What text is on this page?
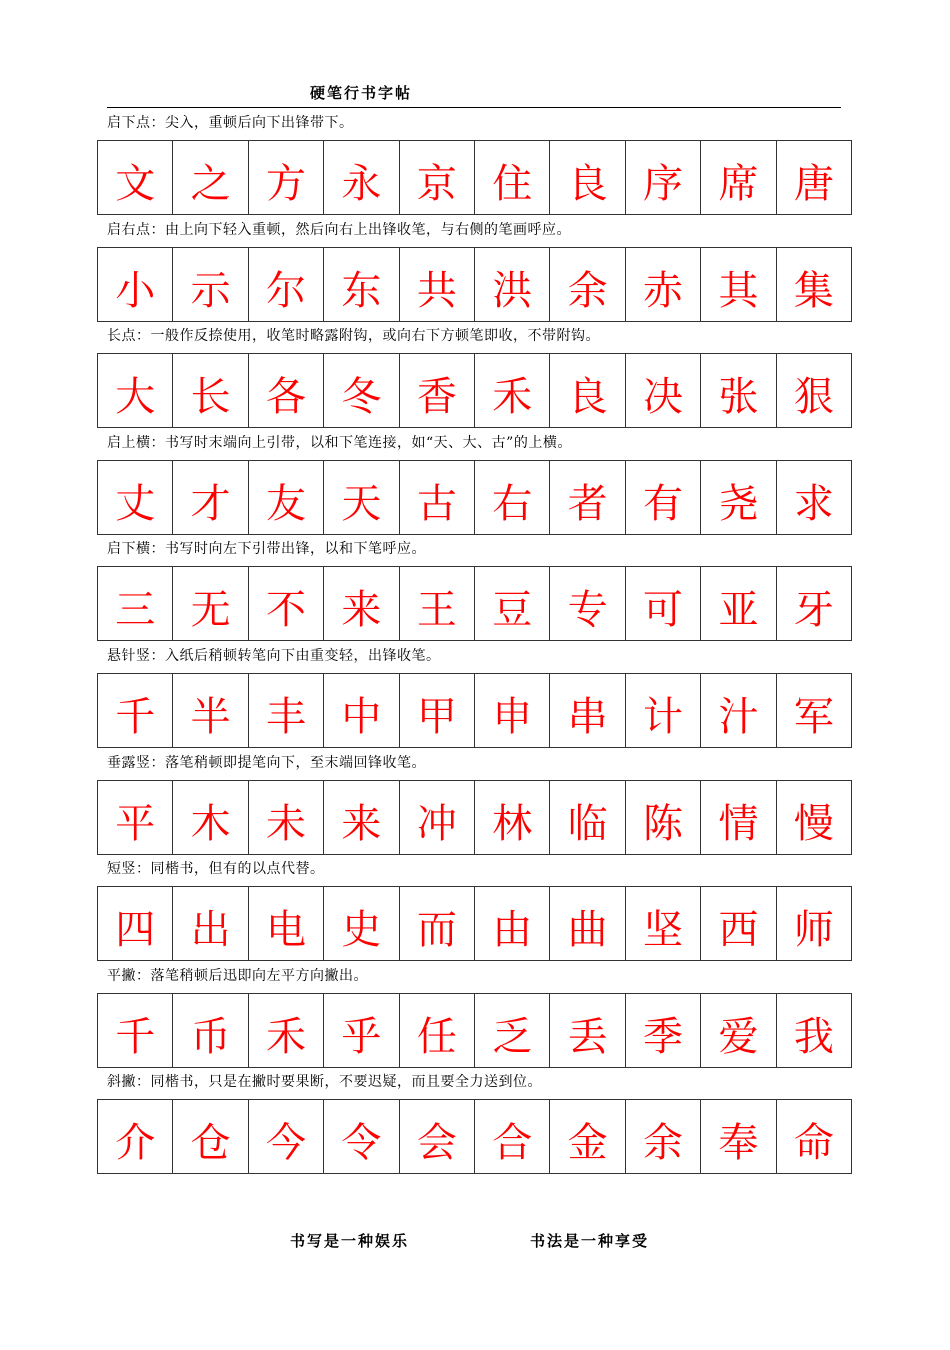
硬笔行书字帖
启下点：尖入，重顿后向下出锋带下。
文 之 方 永 京 住 良 序 席 唐
启右点：由上向下轻入重顿，然后向右上出锋收笔，与右侧的笔画呼应。
小 示 尔 东 共 洪 余 赤 其 集
长点：一般作反捺使用，收笔时略露附钩，或向右下方顿笔即收，不带附钩。
大 长 各 冬 香 禾 良 决 张 狠
启上横：书写时末端向上引带，以和下笔连接，如“天、大、古”的上横。
丈 才 友 天 古 右 者 有 尧 求
启下横：书写时向左下引带出锋，以和下笔呼应。
三 无 不 来 王 豆 专 可 亚 牙
悬针竖：入纸后稍顿转笔向下由重变轻，出锋收笔。
千 半 丰 中 甲 申 串 计 汁 军
垂露竖：落笔稍顿即提笔向下，至末端回锋收笔。
平 木 未 来 冲 林 临 陈 情 慢
短竖：同楷书，但有的以点代替。
四 出 电 史 而 由 曲 坚 西 师
平撇：落笔稍顿后迅即向左平方向撇出。
千 币 禾 乎 任 乏 丢 季 爱 我
斜撇：同楷书，只是在撇时要果断，不要迟疑，而且要全力送到位。
介 仓 今 令 会 合 金 余 奉 命
书写是一种娱乐	书法是一种享受
